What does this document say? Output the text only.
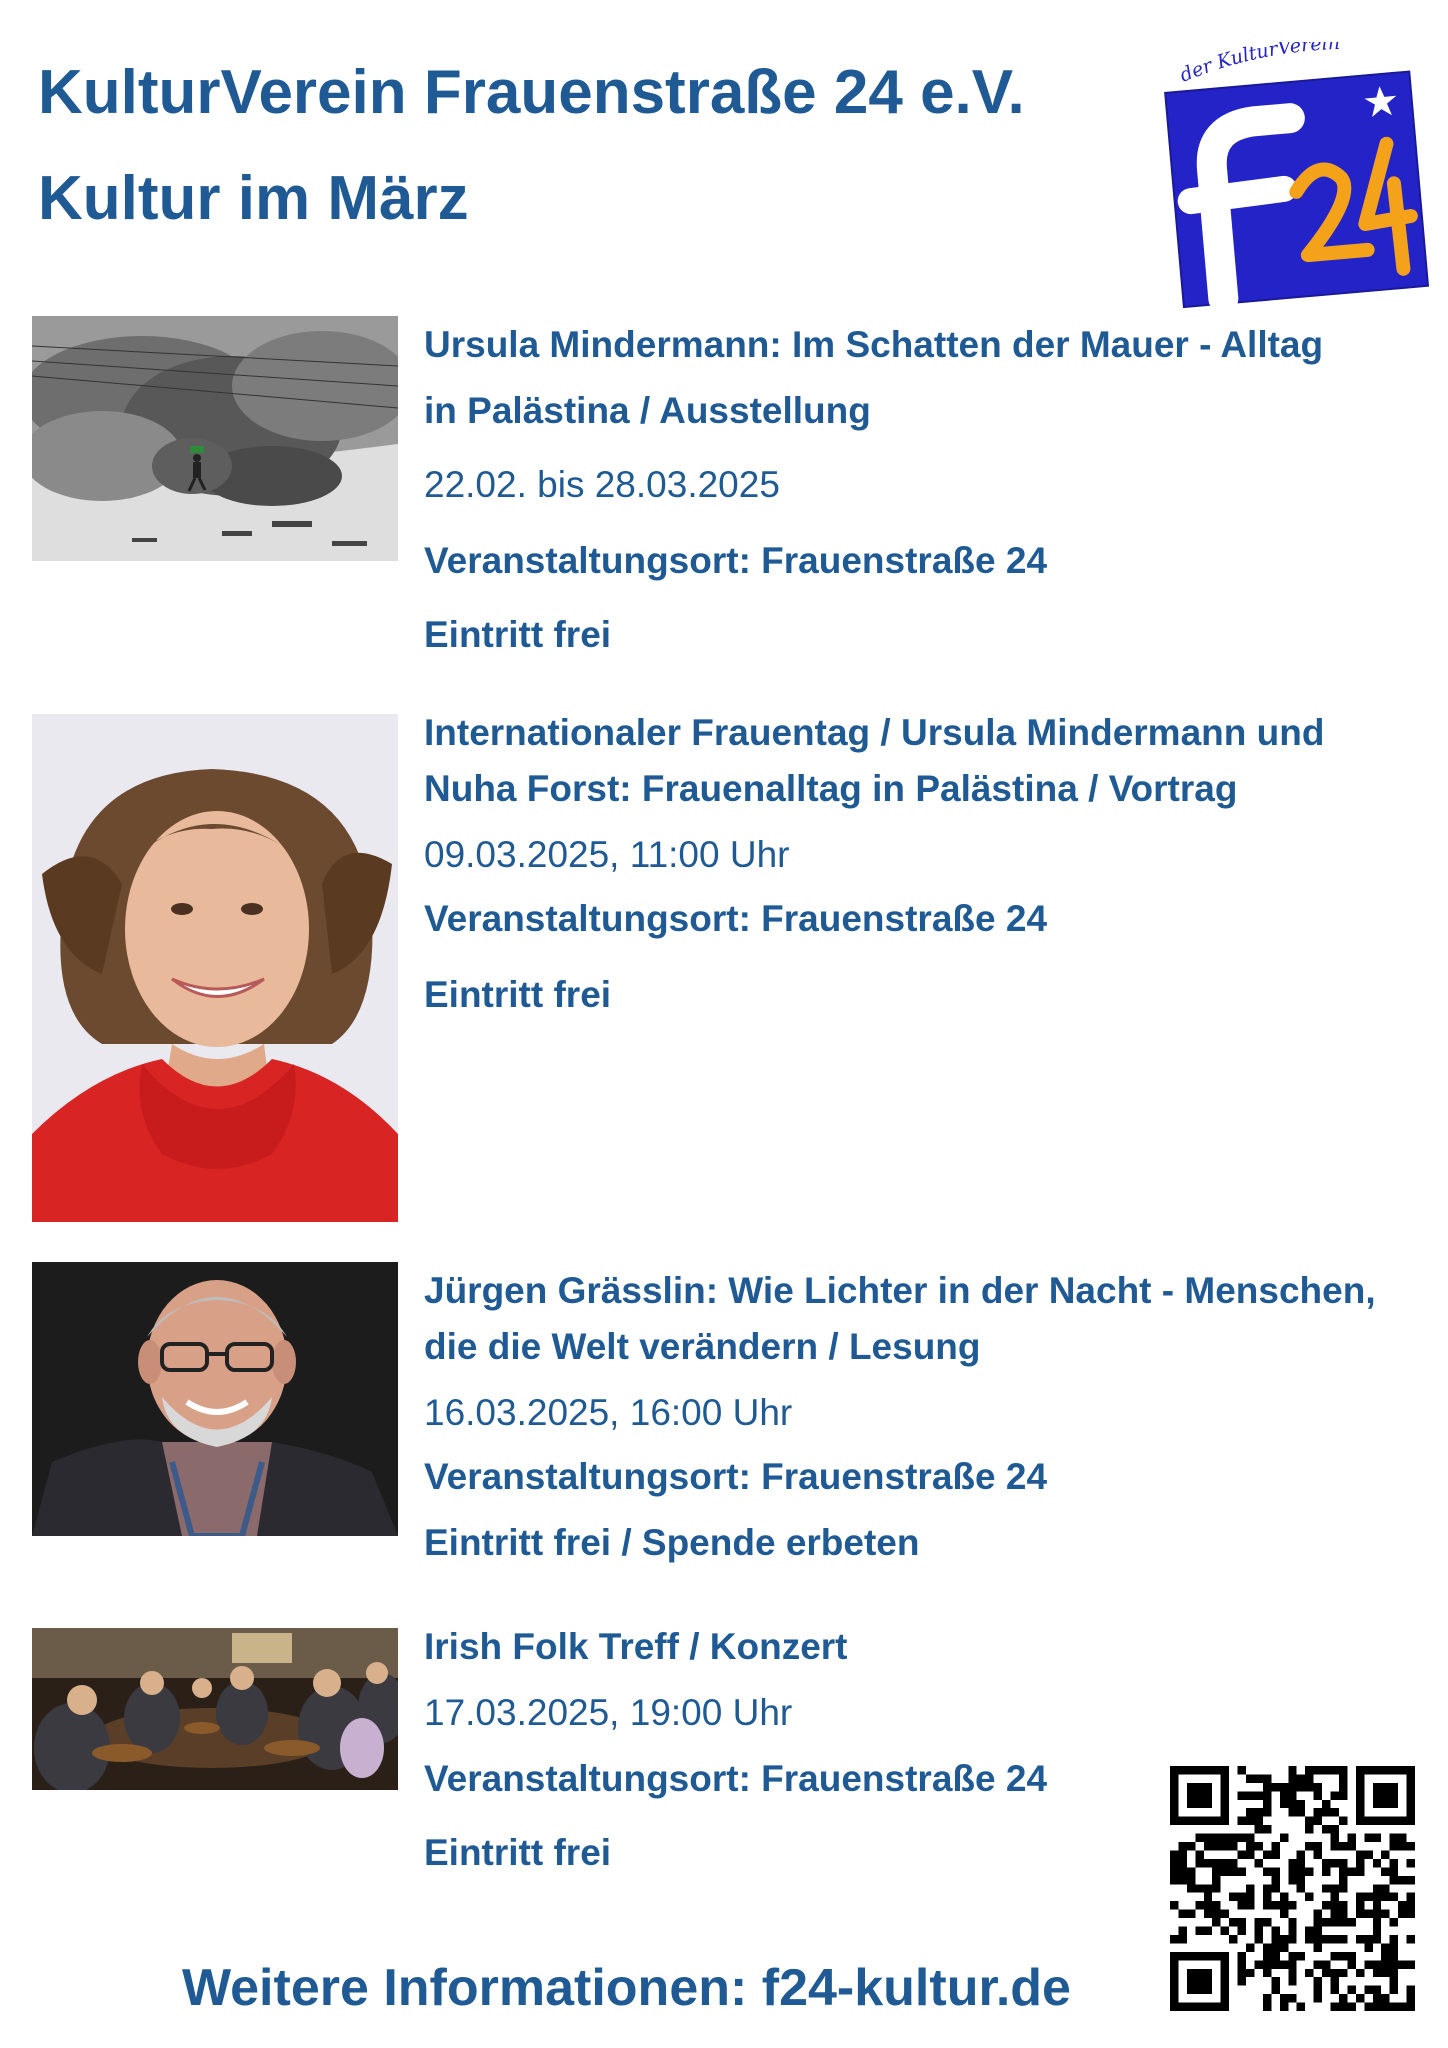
KulturVerein Frauenstraße 24 e.V.
Kultur im März
der KulturVerein
Ursula Mindermann: Im Schatten der Mauer - Alltag
in Palästina / Ausstellung
22.02. bis 28.03.2025
Veranstaltungsort: Frauenstraße 24
Eintritt frei
Internationaler Frauentag / Ursula Mindermann und
Nuha Forst: Frauenalltag in Palästina / Vortrag
09.03.2025, 11:00 Uhr
Veranstaltungsort: Frauenstraße 24
Eintritt frei
Jürgen Grässlin: Wie Lichter in der Nacht - Menschen,
die die Welt verändern / Lesung
16.03.2025, 16:00 Uhr
Veranstaltungsort: Frauenstraße 24
Eintritt frei / Spende erbeten
Irish Folk Treff / Konzert
17.03.2025, 19:00 Uhr
Veranstaltungsort: Frauenstraße 24
Eintritt frei
Weitere Informationen: f24-kultur.de
